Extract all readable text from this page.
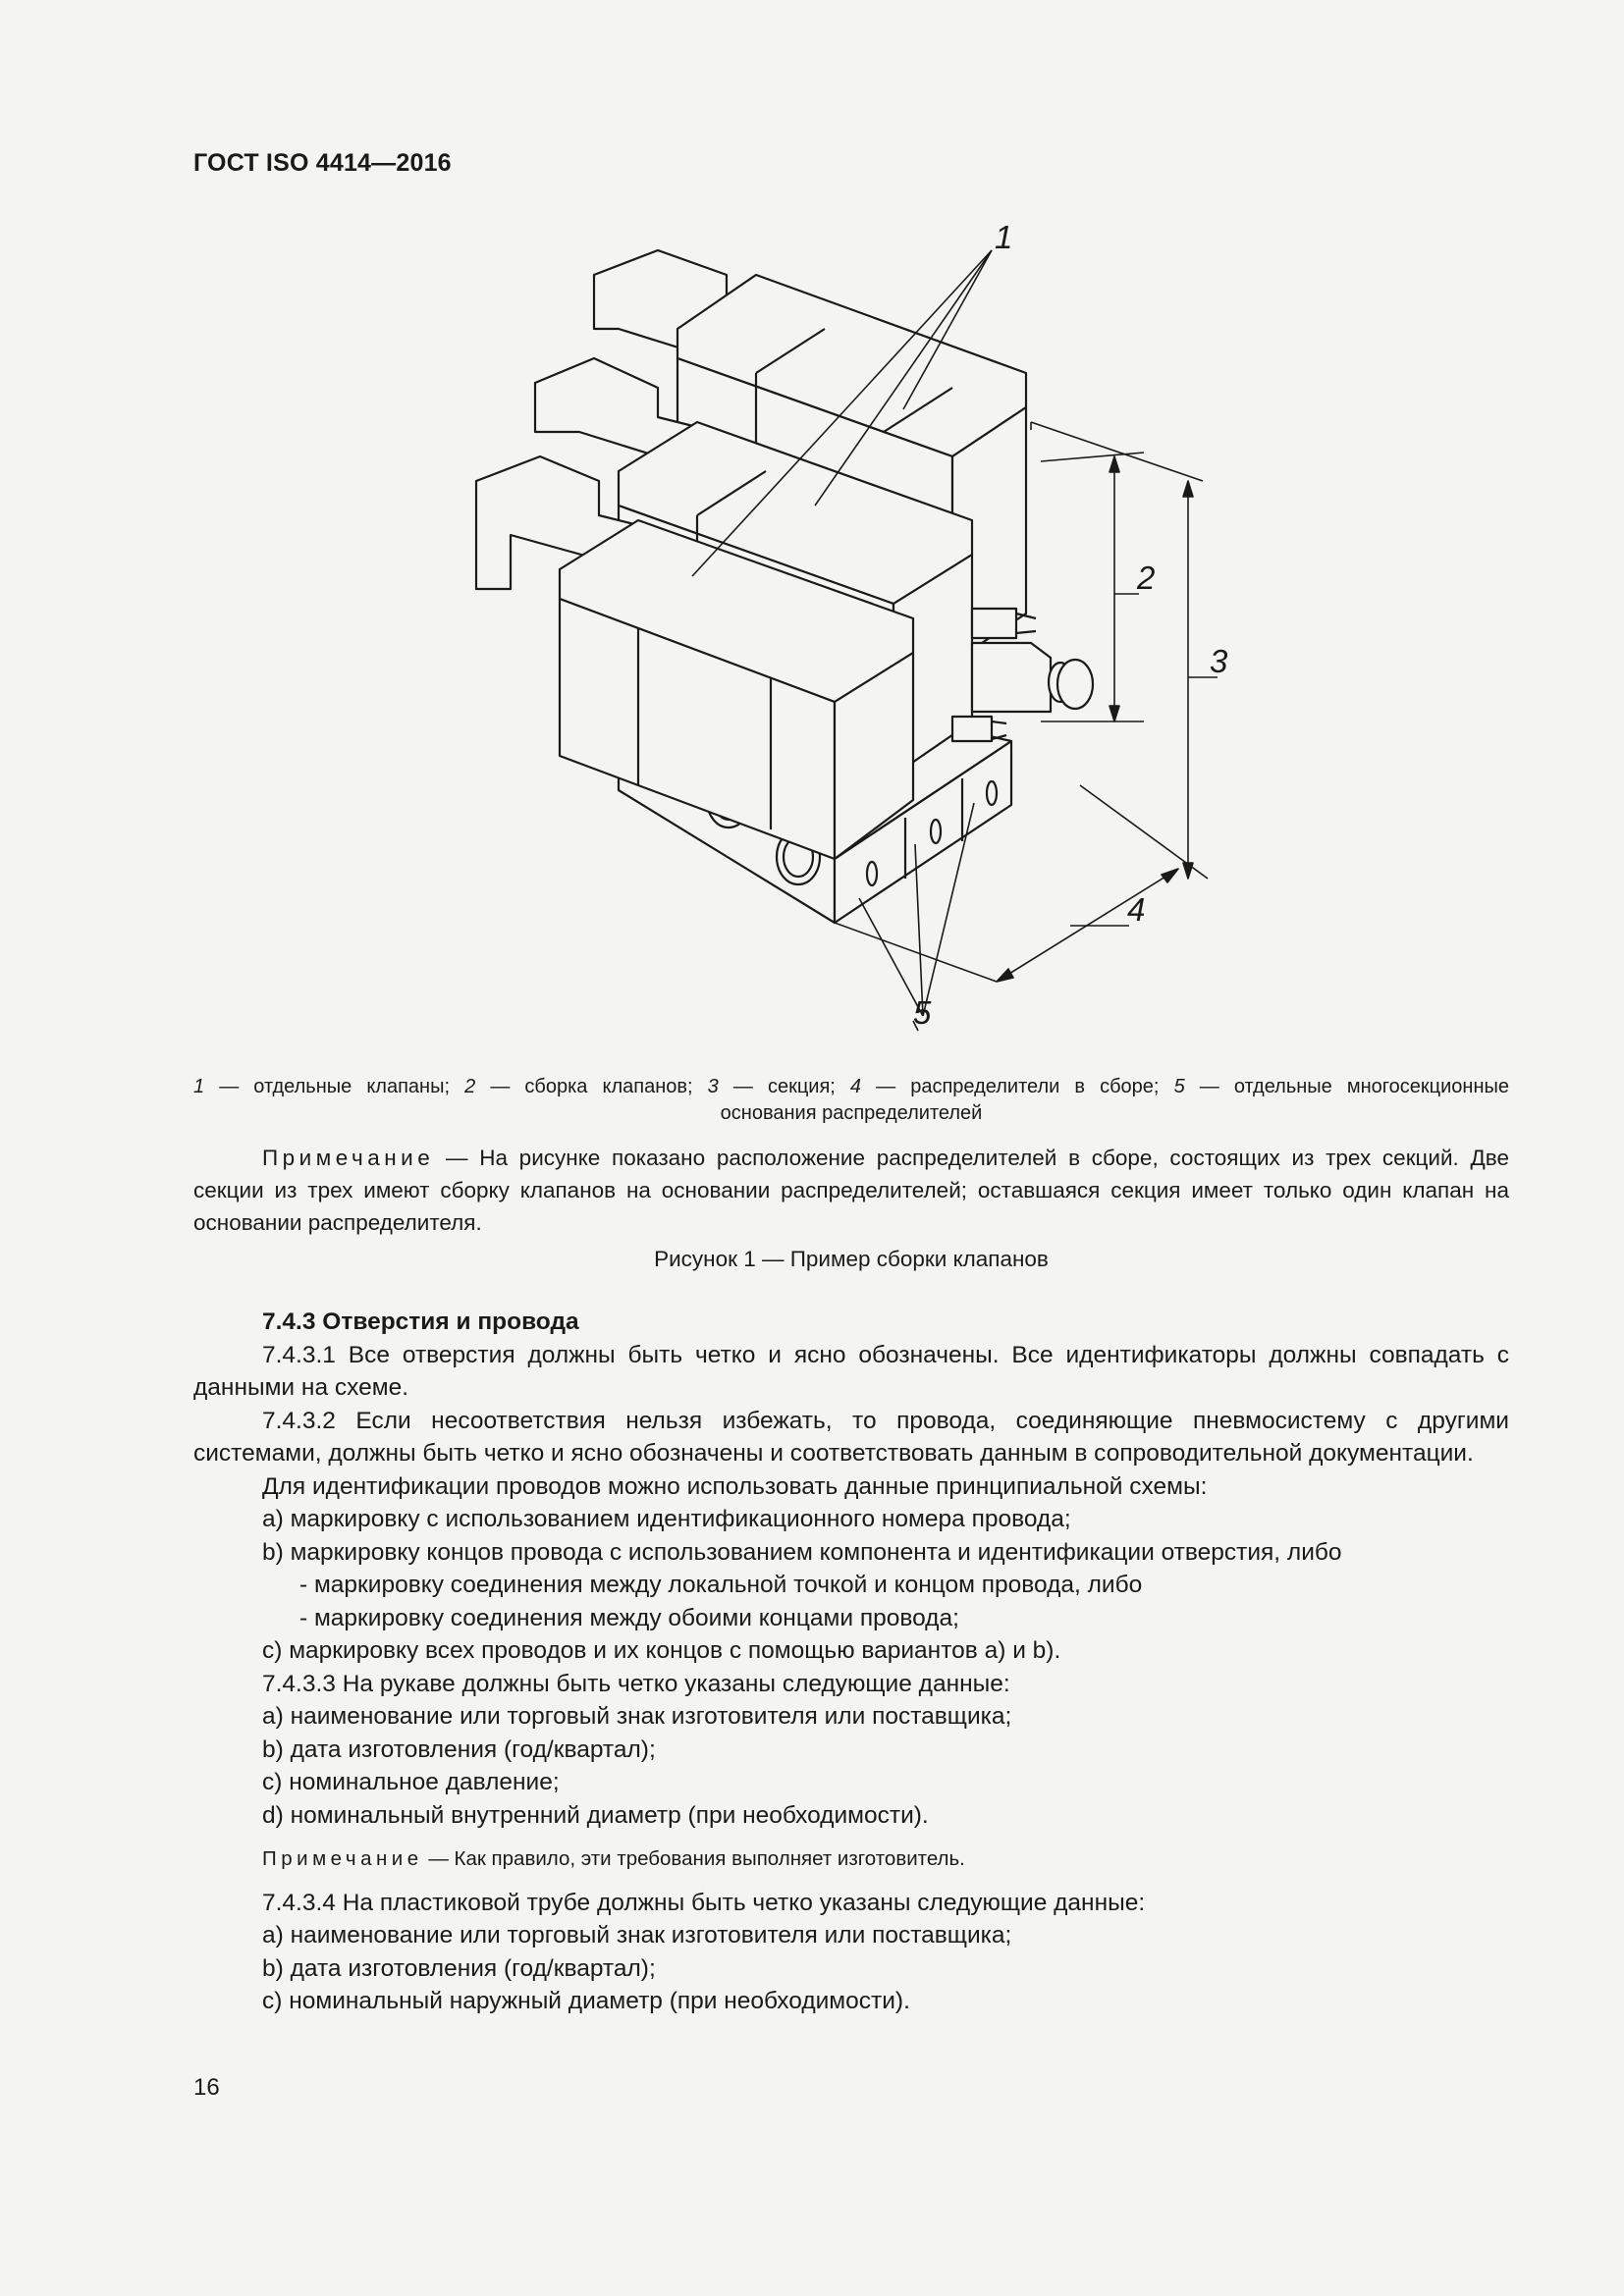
ГОСТ ISO 4414—2016
1
2
3
4
5
1 — отдельные клапаны; 2 — сборка клапанов; 3 — секция; 4 — распределители в сборе; 5 — отдельные многосекционные
основания распределителей
Примечание — На рисунке показано расположение распределителей в сборе, состоящих из трех секций. Две секции из трех имеют сборку клапанов на основании распределителей; оставшаяся секция имеет только один клапан на основании распределителя.
Рисунок 1 — Пример сборки клапанов

7.4.3 Отверстия и провода

7.4.3.1 Все отверстия должны быть четко и ясно обозначены. Все идентификаторы должны совпадать с данными на схеме.

7.4.3.2 Если несоответствия нельзя избежать, то провода, соединяющие пневмосистему с другими системами, должны быть четко и ясно обозначены и соответствовать данным в сопроводительной документации.

Для идентификации проводов можно использовать данные принципиальной схемы:

a) маркировку с использованием идентификационного номера провода;

b) маркировку концов провода с использованием компонента и идентификации отверстия, либо

- маркировку соединения между локальной точкой и концом провода, либо

- маркировку соединения между обоими концами провода;

c) маркировку всех проводов и их концов с помощью вариантов a) и b).

7.4.3.3 На рукаве должны быть четко указаны следующие данные:

a) наименование или торговый знак изготовителя или поставщика;

b) дата изготовления (год/квартал);

c) номинальное давление;

d) номинальный внутренний диаметр (при необходимости).

Примечание — Как правило, эти требования выполняет изготовитель.

7.4.3.4 На пластиковой трубе должны быть четко указаны следующие данные:

a) наименование или торговый знак изготовителя или поставщика;

b) дата изготовления (год/квартал);

c) номинальный наружный диаметр (при необходимости).

16
